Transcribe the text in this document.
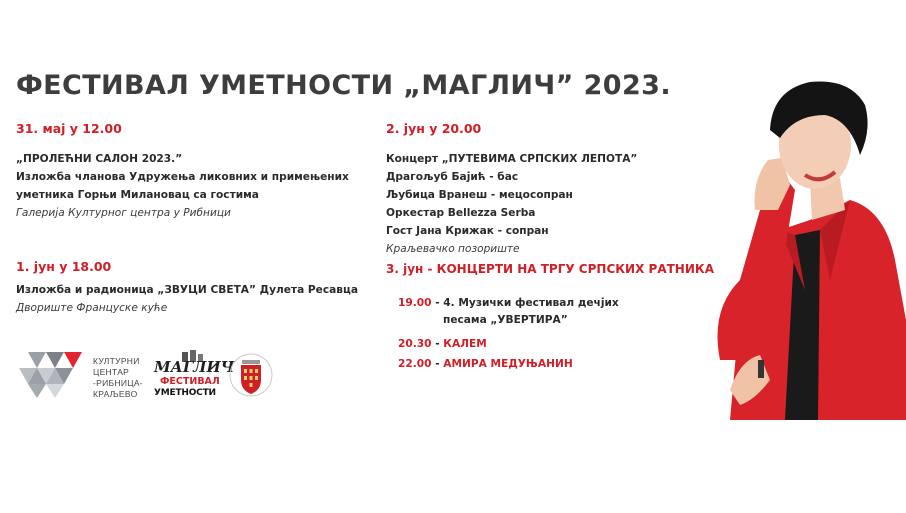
ФЕСТИВАЛ УМЕТНОСТИ „МАГЛИЧ” 2023.
31. мај у 12.00
„ПРОЛЕЋНИ САЛОН 2023.”
Изложба чланова Удружења ликовних и примењених
уметника Горњи Милановац са гостима
Галерија Културног центра у Рибници
1. јун у 18.00
Изложба и радионица „ЗВУЦИ СВЕТА” Дулета Ресавца
Двориште Француске куће
2. јун у 20.00
Концерт „ПУТЕВИМА СРПСКИХ ЛЕПОТА”
Драгољуб Бајић - бас
Љубица Вранеш - мецосопран
Оркестар Bellezza Serba
Гост Јана Крижак - сопран
Краљевачко позориште
3. јун - КОНЦЕРТИ НА ТРГУ СРПСКИХ РАТНИКА
19.00 - 4. Музички фестивал дечјих
песама „УВЕРТИРА”
20.30 - КАЛЕМ
22.00 - АМИРА МЕДУЊАНИН
КУЛТУРНИ
ЦЕНТАР
-РИБНИЦА-
КРАЉЕВО
МАГЛИЧ
ФЕСТИВАЛ
УМЕТНОСТИ
